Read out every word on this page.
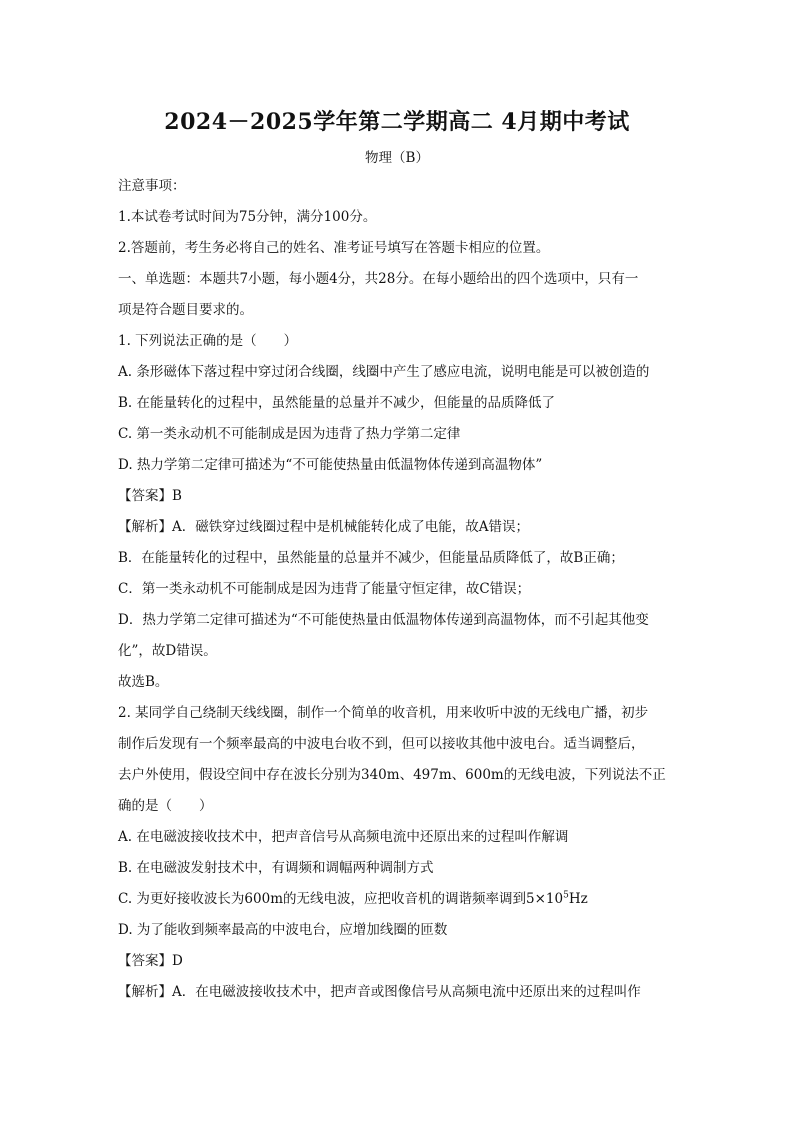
2024－2025学年第二学期高二 4月期中考试
物理（B）
注意事项：
1.本试卷考试时间为75分钟，满分100分。
2.答题前，考生务必将自己的姓名、准考证号填写在答题卡相应的位置。
一、单选题：本题共7小题，每小题4分，共28分。在每小题给出的四个选项中，只有一
项是符合题目要求的。
1. 下列说法正确的是（　　）
A. 条形磁体下落过程中穿过闭合线圈，线圈中产生了感应电流，说明电能是可以被创造的
B. 在能量转化的过程中，虽然能量的总量并不减少，但能量的品质降低了
C. 第一类永动机不可能制成是因为违背了热力学第二定律
D. 热力学第二定律可描述为“不可能使热量由低温物体传递到高温物体”
【答案】B
【解析】A．磁铁穿过线圈过程中是机械能转化成了电能，故A错误；
B．在能量转化的过程中，虽然能量的总量并不减少，但能量品质降低了，故B正确；
C．第一类永动机不可能制成是因为违背了能量守恒定律，故C错误；
D．热力学第二定律可描述为“不可能使热量由低温物体传递到高温物体，而不引起其他变
化”，故D错误。
故选B。
2. 某同学自己绕制天线线圈，制作一个简单的收音机，用来收听中波的无线电广播，初步
制作后发现有一个频率最高的中波电台收不到，但可以接收其他中波电台。适当调整后，
去户外使用，假设空间中存在波长分别为340m、497m、600m的无线电波，下列说法不正
确的是（　　）
A. 在电磁波接收技术中，把声音信号从高频电流中还原出来的过程叫作解调
B. 在电磁波发射技术中，有调频和调幅两种调制方式
C. 为更好接收波长为600m的无线电波，应把收音机的调谐频率调到$5\times 10^5Hz$
D. 为了能收到频率最高的中波电台，应增加线圈的匝数
【答案】D
【解析】A．在电磁波接收技术中，把声音或图像信号从高频电流中还原出来的过程叫作
